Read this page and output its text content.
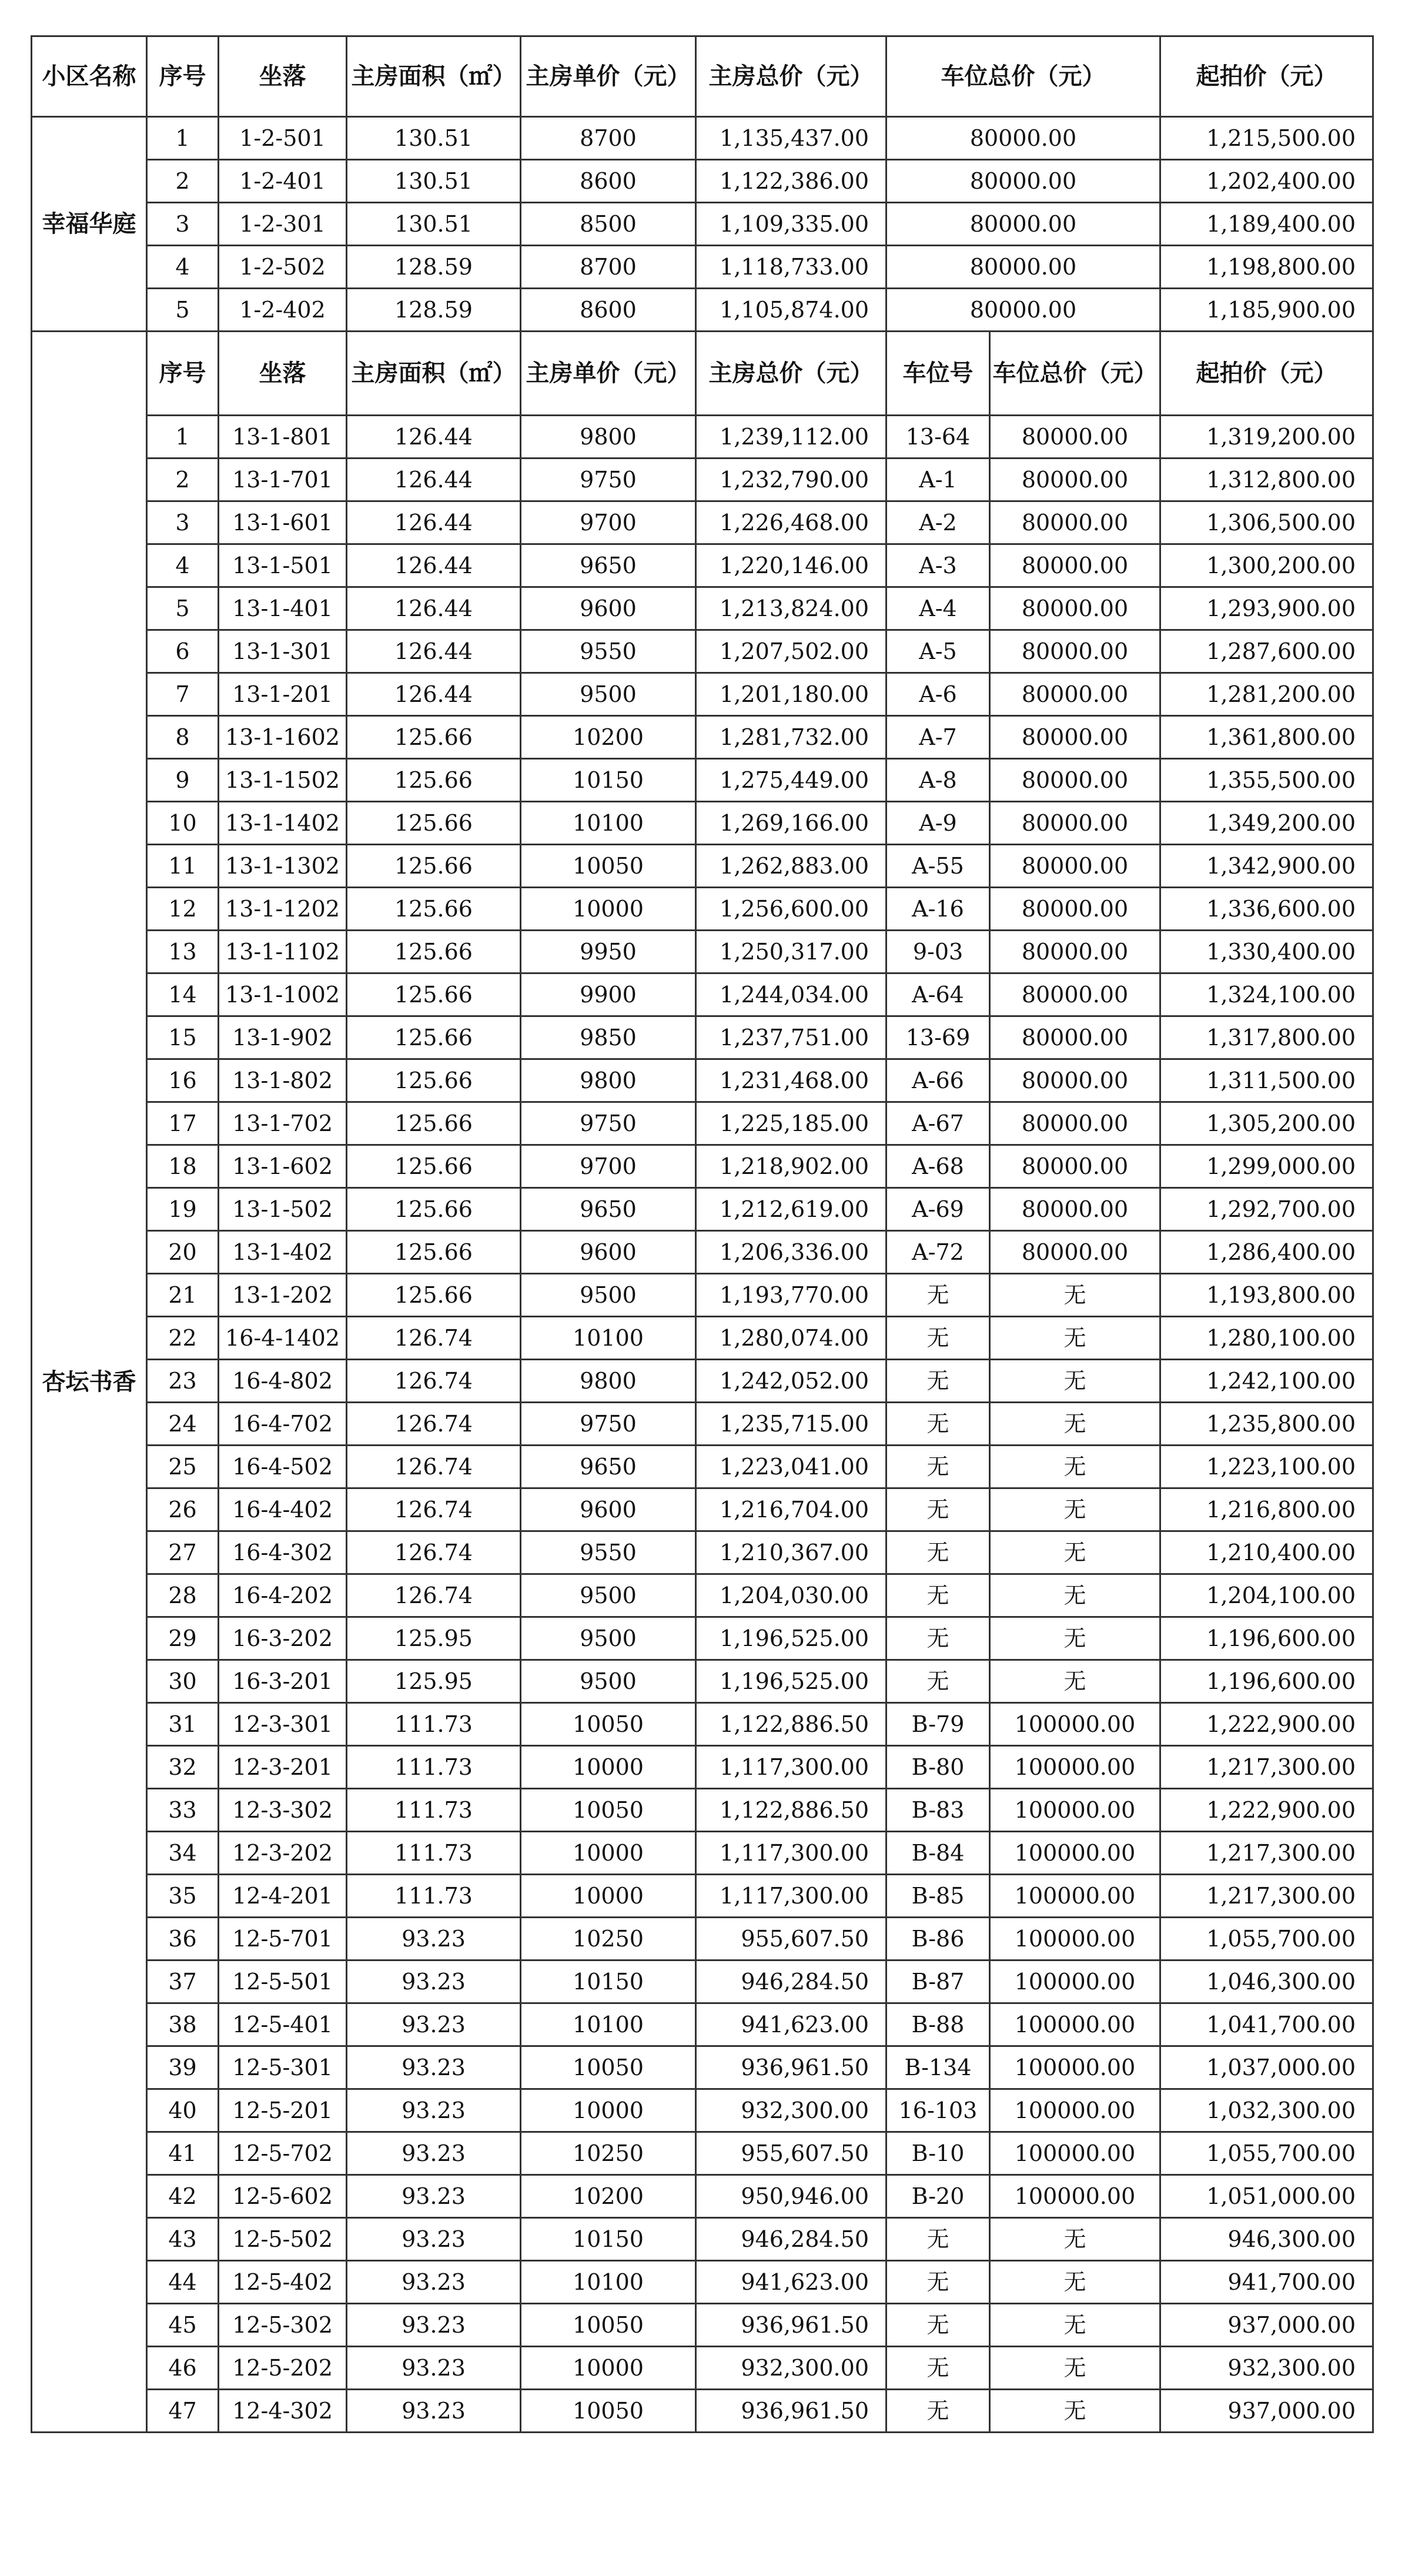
小区名称	序号	坐落	主房面积（㎡）	主房单价（元）	主房总价（元）	车位总价（元）		起拍价（元）
幸福华庭	1	1-2-501	130.51	8700	1,135,437.00	80000.00		1,215,500.00
	2	1-2-401	130.51	8600	1,122,386.00	80000.00		1,202,400.00
	3	1-2-301	130.51	8500	1,109,335.00	80000.00		1,189,400.00
	4	1-2-502	128.59	8700	1,118,733.00	80000.00		1,198,800.00
	5	1-2-402	128.59	8600	1,105,874.00	80000.00		1,185,900.00
杏坛书香	序号	坐落	主房面积（㎡）	主房单价（元）	主房总价（元）	车位号	车位总价（元）	起拍价（元）
	1	13-1-801	126.44	9800	1,239,112.00	13-64	80000.00	1,319,200.00
	2	13-1-701	126.44	9750	1,232,790.00	A-1	80000.00	1,312,800.00
	3	13-1-601	126.44	9700	1,226,468.00	A-2	80000.00	1,306,500.00
	4	13-1-501	126.44	9650	1,220,146.00	A-3	80000.00	1,300,200.00
	5	13-1-401	126.44	9600	1,213,824.00	A-4	80000.00	1,293,900.00
	6	13-1-301	126.44	9550	1,207,502.00	A-5	80000.00	1,287,600.00
	7	13-1-201	126.44	9500	1,201,180.00	A-6	80000.00	1,281,200.00
	8	13-1-1602	125.66	10200	1,281,732.00	A-7	80000.00	1,361,800.00
	9	13-1-1502	125.66	10150	1,275,449.00	A-8	80000.00	1,355,500.00
	10	13-1-1402	125.66	10100	1,269,166.00	A-9	80000.00	1,349,200.00
	11	13-1-1302	125.66	10050	1,262,883.00	A-55	80000.00	1,342,900.00
	12	13-1-1202	125.66	10000	1,256,600.00	A-16	80000.00	1,336,600.00
	13	13-1-1102	125.66	9950	1,250,317.00	9-03	80000.00	1,330,400.00
	14	13-1-1002	125.66	9900	1,244,034.00	A-64	80000.00	1,324,100.00
	15	13-1-902	125.66	9850	1,237,751.00	13-69	80000.00	1,317,800.00
	16	13-1-802	125.66	9800	1,231,468.00	A-66	80000.00	1,311,500.00
	17	13-1-702	125.66	9750	1,225,185.00	A-67	80000.00	1,305,200.00
	18	13-1-602	125.66	9700	1,218,902.00	A-68	80000.00	1,299,000.00
	19	13-1-502	125.66	9650	1,212,619.00	A-69	80000.00	1,292,700.00
	20	13-1-402	125.66	9600	1,206,336.00	A-72	80000.00	1,286,400.00
	21	13-1-202	125.66	9500	1,193,770.00	无	无	1,193,800.00
	22	16-4-1402	126.74	10100	1,280,074.00	无	无	1,280,100.00
	23	16-4-802	126.74	9800	1,242,052.00	无	无	1,242,100.00
	24	16-4-702	126.74	9750	1,235,715.00	无	无	1,235,800.00
	25	16-4-502	126.74	9650	1,223,041.00	无	无	1,223,100.00
	26	16-4-402	126.74	9600	1,216,704.00	无	无	1,216,800.00
	27	16-4-302	126.74	9550	1,210,367.00	无	无	1,210,400.00
	28	16-4-202	126.74	9500	1,204,030.00	无	无	1,204,100.00
	29	16-3-202	125.95	9500	1,196,525.00	无	无	1,196,600.00
	30	16-3-201	125.95	9500	1,196,525.00	无	无	1,196,600.00
	31	12-3-301	111.73	10050	1,122,886.50	B-79	100000.00	1,222,900.00
	32	12-3-201	111.73	10000	1,117,300.00	B-80	100000.00	1,217,300.00
	33	12-3-302	111.73	10050	1,122,886.50	B-83	100000.00	1,222,900.00
	34	12-3-202	111.73	10000	1,117,300.00	B-84	100000.00	1,217,300.00
	35	12-4-201	111.73	10000	1,117,300.00	B-85	100000.00	1,217,300.00
	36	12-5-701	93.23	10250	955,607.50	B-86	100000.00	1,055,700.00
	37	12-5-501	93.23	10150	946,284.50	B-87	100000.00	1,046,300.00
	38	12-5-401	93.23	10100	941,623.00	B-88	100000.00	1,041,700.00
	39	12-5-301	93.23	10050	936,961.50	B-134	100000.00	1,037,000.00
	40	12-5-201	93.23	10000	932,300.00	16-103	100000.00	1,032,300.00
	41	12-5-702	93.23	10250	955,607.50	B-10	100000.00	1,055,700.00
	42	12-5-602	93.23	10200	950,946.00	B-20	100000.00	1,051,000.00
	43	12-5-502	93.23	10150	946,284.50	无	无	946,300.00
	44	12-5-402	93.23	10100	941,623.00	无	无	941,700.00
	45	12-5-302	93.23	10050	936,961.50	无	无	937,000.00
	46	12-5-202	93.23	10000	932,300.00	无	无	932,300.00
	47	12-4-302	93.23	10050	936,961.50	无	无	937,000.00
